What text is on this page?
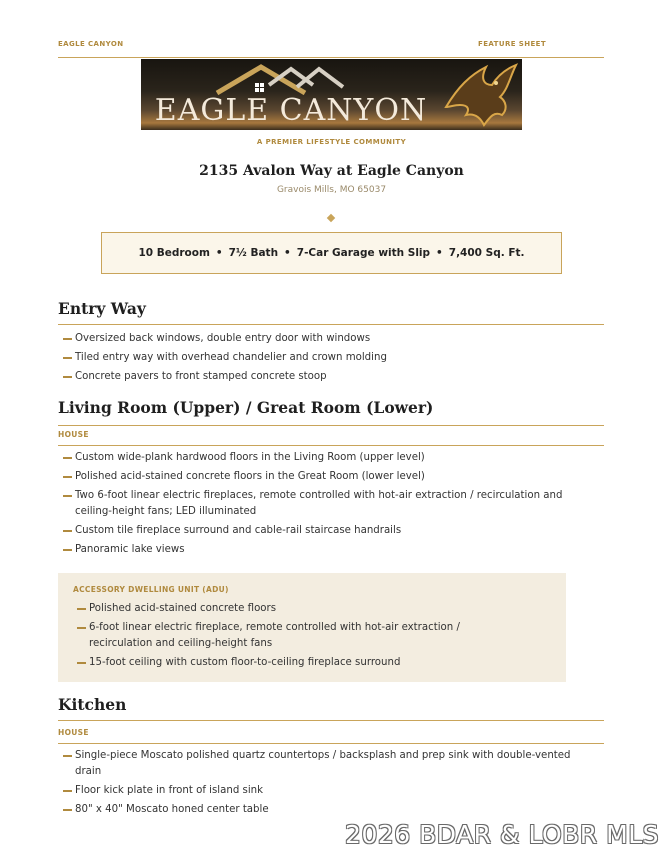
EAGLE CANYON	FEATURE SHEET
EAGLE CANYON
A PREMIER LIFESTYLE COMMUNITY
2135 Avalon Way at Eagle Canyon
Gravois Mills, MO 65037
10 Bedroom • 7½ Bath • 7-Car Garage with Slip • 7,400 Sq. Ft.
Entry Way
Oversized back windows, double entry door with windows
Tiled entry way with overhead chandelier and crown molding
Concrete pavers to front stamped concrete stoop
Living Room (Upper) / Great Room (Lower)
HOUSE
Custom wide-plank hardwood floors in the Living Room (upper level)
Polished acid-stained concrete floors in the Great Room (lower level)
Two 6-foot linear electric fireplaces, remote controlled with hot-air extraction / recirculation and ceiling-height fans; LED illuminated
Custom tile fireplace surround and cable-rail staircase handrails
Panoramic lake views
ACCESSORY DWELLING UNIT (ADU)
Polished acid-stained concrete floors
6-foot linear electric fireplace, remote controlled with hot-air extraction / recirculation and ceiling-height fans
15-foot ceiling with custom floor-to-ceiling fireplace surround
Kitchen
HOUSE
Single-piece Moscato polished quartz countertops / backsplash and prep sink with double-vented drain
Floor kick plate in front of island sink
80" x 40" Moscato honed center table
2026 BDAR & LOBR MLS
